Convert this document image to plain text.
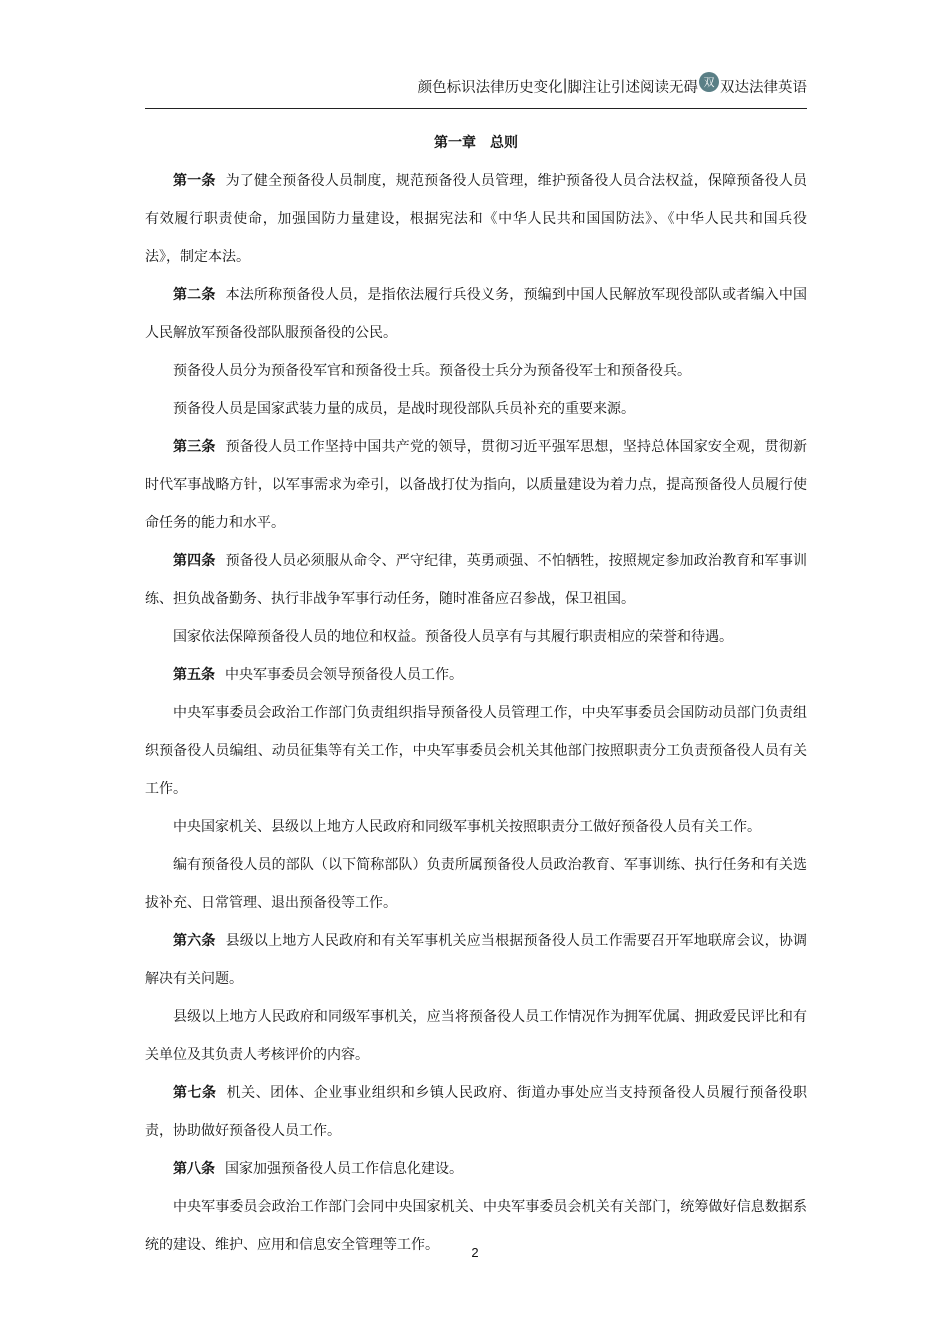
颜色标识法律历史变化 | 脚注让引述阅读无碍 双 双达法律英语
第一章 总则

第一条 为了健全预备役人员制度，规范预备役人员管理，维护预备役人员合法权益，保障预备役人员有效履行职责使命，加强国防力量建设，根据宪法和《中华人民共和国国防法》、《中华人民共和国兵役法》，制定本法。

第二条 本法所称预备役人员，是指依法履行兵役义务，预编到中国人民解放军现役部队或者编入中国人民解放军预备役部队服预备役的公民。

预备役人员分为预备役军官和预备役士兵。预备役士兵分为预备役军士和预备役兵。

预备役人员是国家武装力量的成员，是战时现役部队兵员补充的重要来源。

第三条 预备役人员工作坚持中国共产党的领导，贯彻习近平强军思想，坚持总体国家安全观，贯彻新时代军事战略方针，以军事需求为牵引，以备战打仗为指向，以质量建设为着力点，提高预备役人员履行使命任务的能力和水平。

第四条 预备役人员必须服从命令、严守纪律，英勇顽强、不怕牺牲，按照规定参加政治教育和军事训练、担负战备勤务、执行非战争军事行动任务，随时准备应召参战，保卫祖国。

国家依法保障预备役人员的地位和权益。预备役人员享有与其履行职责相应的荣誉和待遇。

第五条 中央军事委员会领导预备役人员工作。

中央军事委员会政治工作部门负责组织指导预备役人员管理工作，中央军事委员会国防动员部门负责组织预备役人员编组、动员征集等有关工作，中央军事委员会机关其他部门按照职责分工负责预备役人员有关工作。

中央国家机关、县级以上地方人民政府和同级军事机关按照职责分工做好预备役人员有关工作。

编有预备役人员的部队（以下简称部队）负责所属预备役人员政治教育、军事训练、执行任务和有关选拔补充、日常管理、退出预备役等工作。

第六条 县级以上地方人民政府和有关军事机关应当根据预备役人员工作需要召开军地联席会议，协调解决有关问题。

县级以上地方人民政府和同级军事机关，应当将预备役人员工作情况作为拥军优属、拥政爱民评比和有关单位及其负责人考核评价的内容。

第七条 机关、团体、企业事业组织和乡镇人民政府、街道办事处应当支持预备役人员履行预备役职责，协助做好预备役人员工作。

第八条 国家加强预备役人员工作信息化建设。

中央军事委员会政治工作部门会同中央国家机关、中央军事委员会机关有关部门，统筹做好信息数据系统的建设、维护、应用和信息安全管理等工作。	2
